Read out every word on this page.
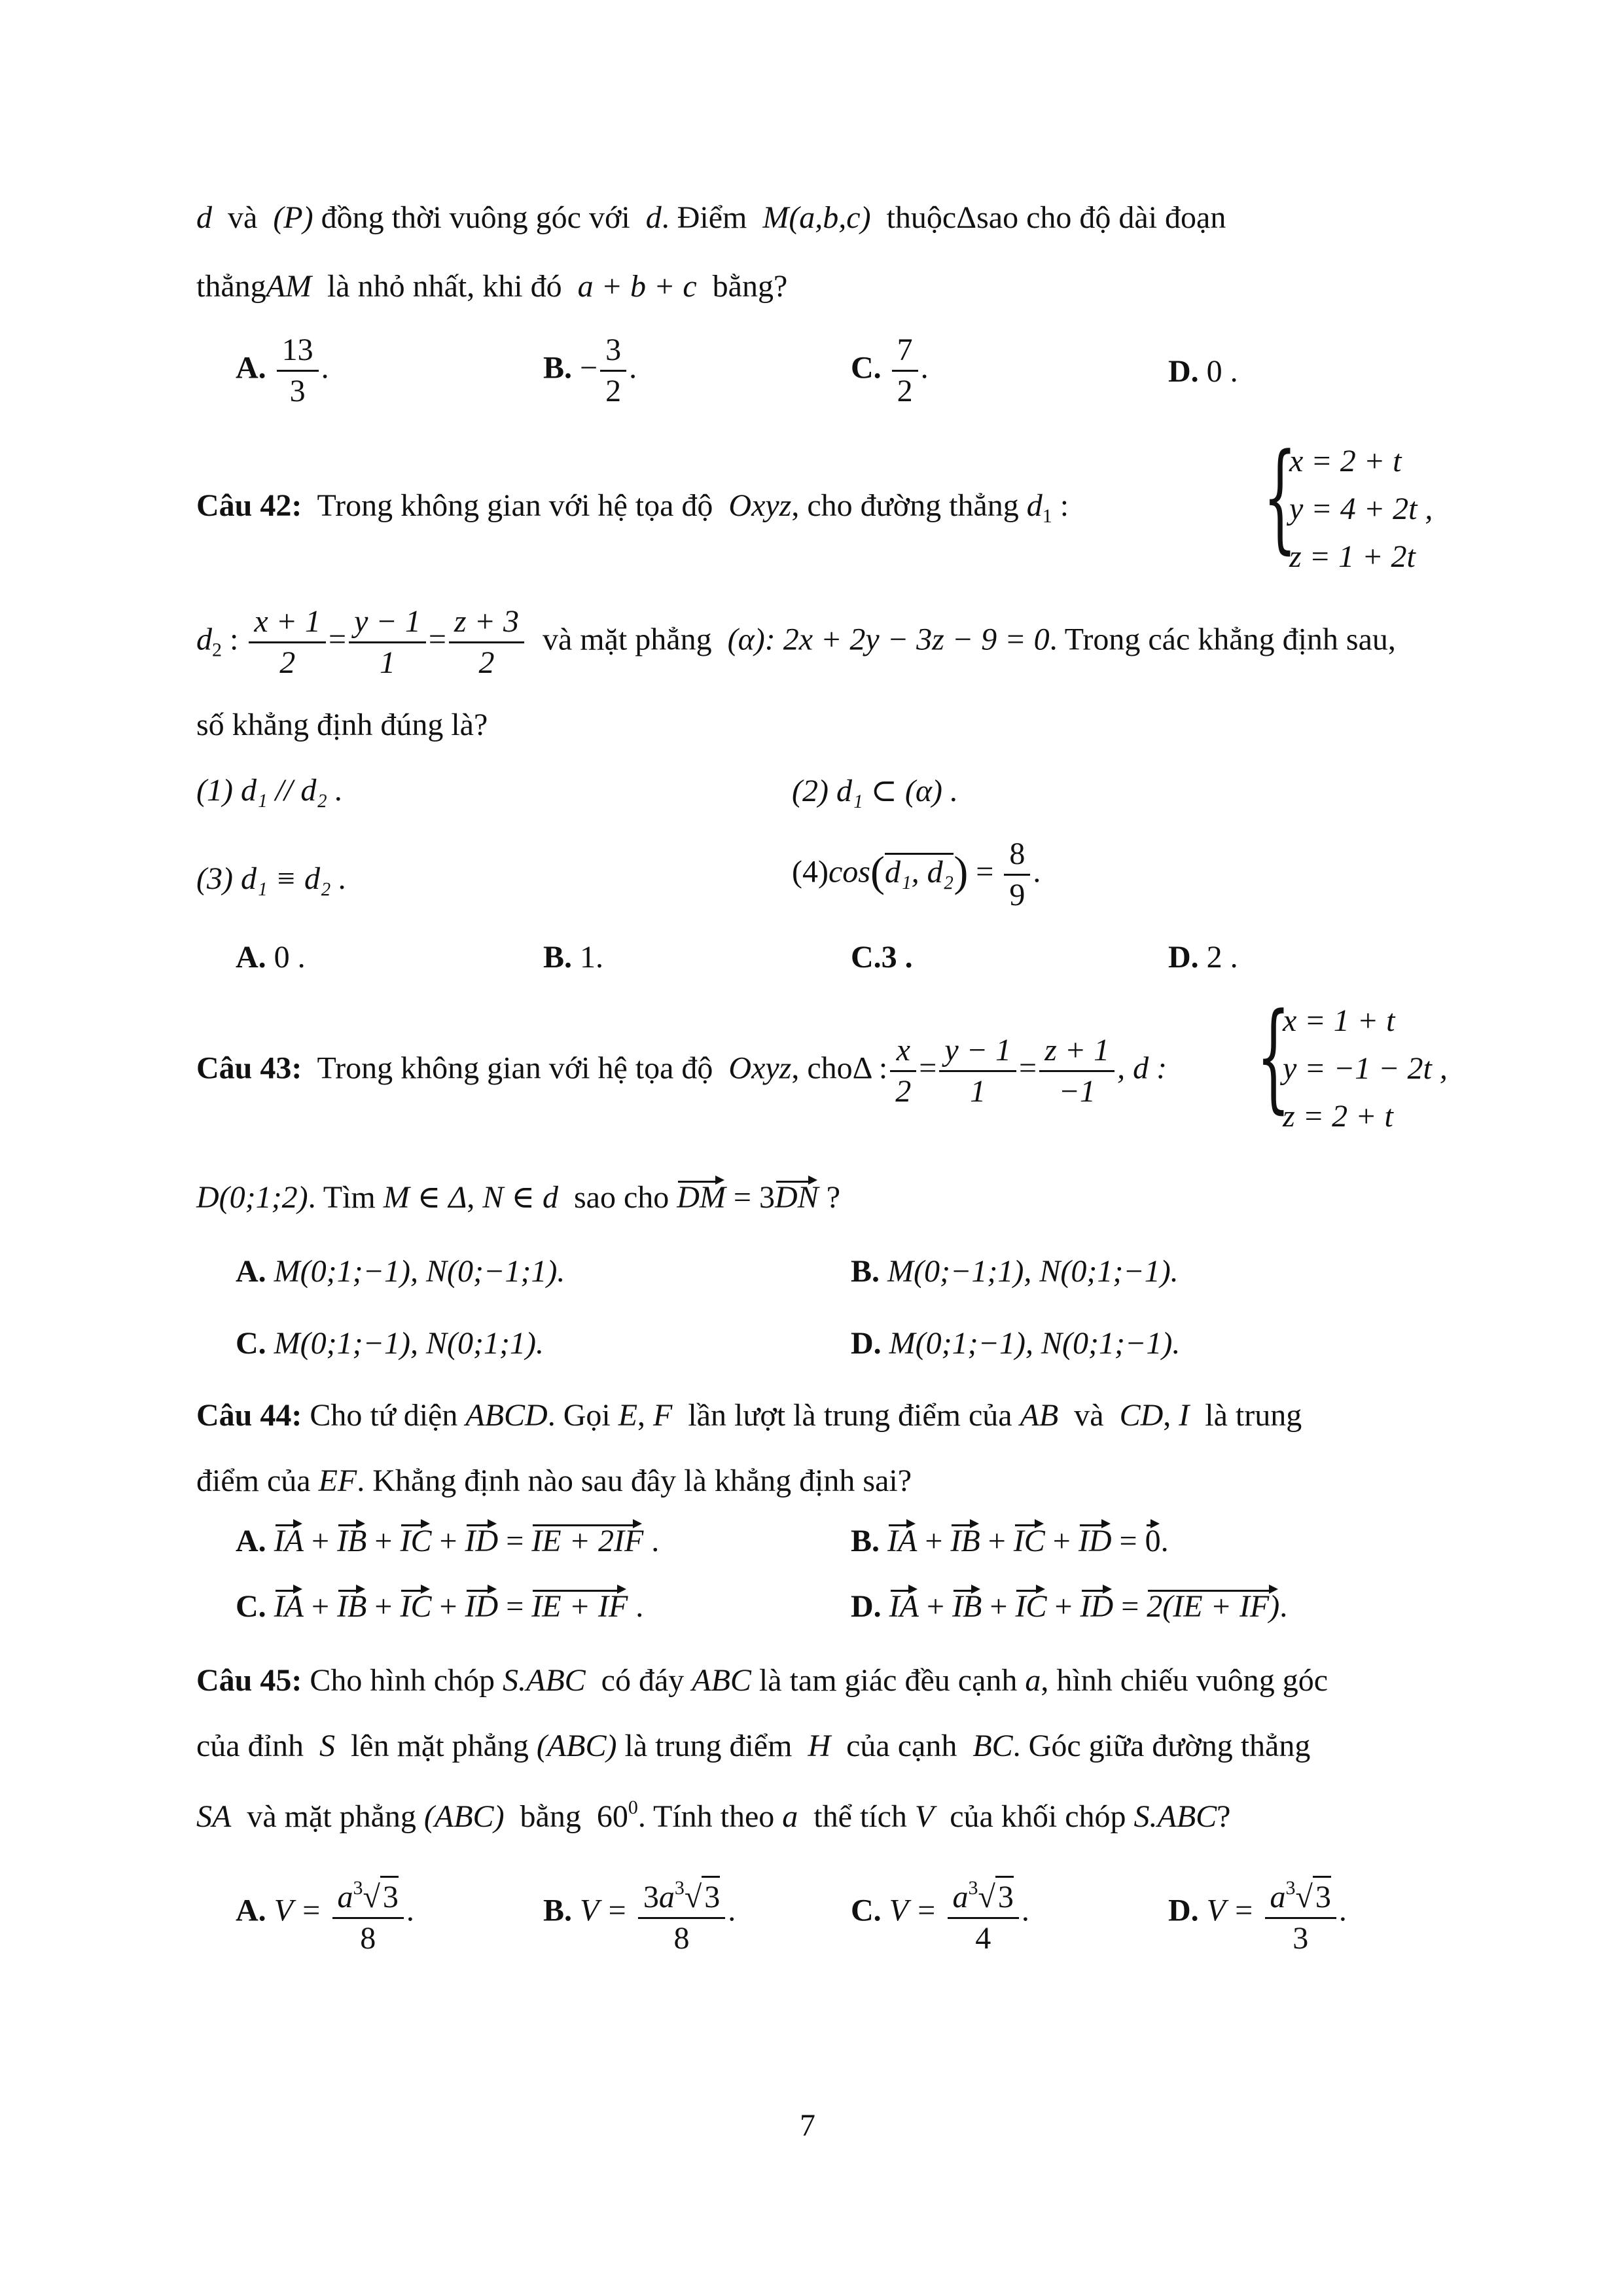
d và (P) đồng thời vuông góc với d. Điểm M(a,b,c) thuộcΔsao cho độ dài đoạn
thẳngAM là nhỏ nhất, khi đó a + b + c bằng?
A. $\frac{13}{3}$ .	B. − $\frac{3}{2}$ .	C. $\frac{7}{2}$ .	D. 0 .
Câu 42: Trong không gian với hệ tọa độ Oxyz, cho đường thẳng $d_1$ : {
x = 2 + t
y = 4 + 2t ,
z = 1 + 2t
$d_2$ : $\frac{x + 1}{2} = \frac{y - 1}{1} = \frac{z + 3}{2}$ và mặt phẳng (α): 2x + 2y − 3z − 9 = 0. Trong các khẳng định sau,
số khẳng định đúng là?
(1) d₁ // d₂ .	(2) d₁ ⊂ (α) .
(3) d₁ ≡ d₂ .	(4)cos(d₁, $d_2) = \frac{8}{9}$ .
A. 0 .	B. 1.	C.3 .	D. 2 .
Câu 43: Trong không gian với hệ tọa độ Oxyz, choΔ : $\frac{x}{2} = \frac{y - 1}{1} = \frac{z + 1}{-1}$ , d : {
x = 1 + t
y = −1 − 2t ,
z = 2 + t
D(0;1;2). Tìm M ∈ Δ, N ∈ d sao cho DM = 3DN ?
A. M(0;1;−1), N(0;−1;1).	B. M(0;−1;1), N(0;1;−1).
C. M(0;1;−1), N(0;1;1).	D. M(0;1;−1), N(0;1;−1).
Câu 44: Cho tứ diện ABCD. Gọi E, F lần lượt là trung điểm của AB và CD, I là trung
điểm của EF. Khẳng định nào sau đây là khẳng định sai?
A. IA + IB + IC + ID = IE + 2IF .	B. IA + IB + IC + ID = 0.
C. IA + IB + IC + ID = IE + IF .	D. IA + IB + IC + ID = 2(IE + IF).
Câu 45: Cho hình chóp S.ABC có đáy ABC là tam giác đều cạnh a, hình chiếu vuông góc
của đỉnh S lên mặt phẳng (ABC) là trung điểm H của cạnh BC. Góc giữa đường thẳng
SA và mặt phẳng (ABC) bằng $60^0$. Tính theo a thể tích V của khối chóp S.ABC?
A. $V = \frac{a^3√3}{8}$ .	B. $V = \frac{3a^3√3}{8}$ .	C. $V = \frac{a^3√3}{4}$ .	D. $V = \frac{a^3√3}{3}$ .
7
